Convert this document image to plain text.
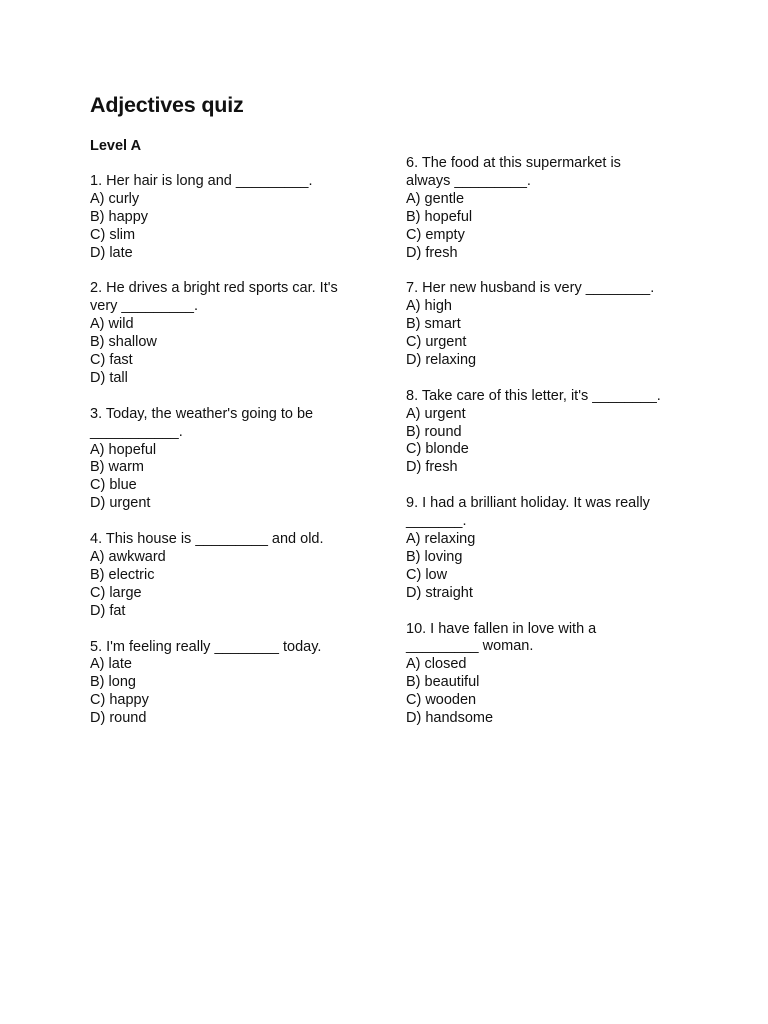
Adjectives quiz
Level A
1. Her hair is long and _________.
A) curly
B) happy
C) slim
D) late
2. He drives a bright red sports car. It's
very _________.
A) wild
B) shallow
C) fast
D) tall
3. Today, the weather's going to be
___________.
A) hopeful
B) warm
C) blue
D) urgent
4. This house is _________ and old.
A) awkward
B) electric
C) large
D) fat
5. I'm feeling really ________ today.
A) late
B) long
C) happy
D) round
6. The food at this supermarket is
always _________.
A) gentle
B) hopeful
C) empty
D) fresh
7. Her new husband is very ________.
A) high
B) smart
C) urgent
D) relaxing
8. Take care of this letter, it's ________.
A) urgent
B) round
C) blonde
D) fresh
9. I had a brilliant holiday. It was really
_______.
A) relaxing
B) loving
C) low
D) straight
10. I have fallen in love with a
_________ woman.
A) closed
B) beautiful
C) wooden
D) handsome
